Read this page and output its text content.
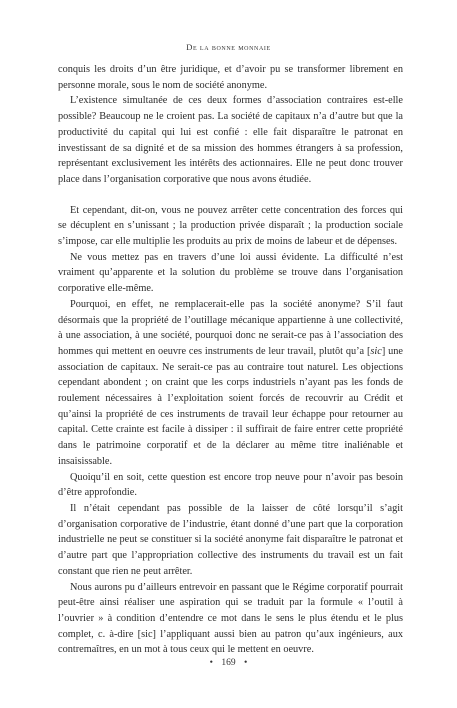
De la bonne monnaie

conquis les droits d’un être juridique, et d’avoir pu se transformer librement en personne morale, sous le nom de société anonyme.

L’existence simultanée de ces deux formes d’association contraires est-elle possible? Beaucoup ne le croient pas. La société de capitaux n’a d’autre but que la productivité du capital qui lui est confié : elle fait disparaître le patronat en investissant de sa dignité et de sa mission des hommes étrangers à sa profession, représentant exclusivement les intérêts des actionnaires. Elle ne peut donc trouver place dans l’organisation corporative que nous avons étudiée.

Et cependant, dit-on, vous ne pouvez arrêter cette concentration des forces qui se décuplent en s’unissant ; la production privée disparaît ; la production sociale s’impose, car elle multiplie les produits au prix de moins de labeur et de dépenses.

Ne vous mettez pas en travers d’une loi aussi évidente. La difficulté n’est vraiment qu’apparente et la solution du problème se trouve dans l’organisation corporative elle-même.

Pourquoi, en effet, ne remplacerait-elle pas la société anonyme? S’il faut désormais que la propriété de l’outillage mécanique appartienne à une collectivité, à une association, à une société, pourquoi donc ne serait-ce pas à l’association des hommes qui mettent en oeuvre ces instruments de leur travail, plutôt qu’a [sic] une association de capitaux. Ne serait-ce pas au contraire tout naturel. Les objections cependant abondent ; on craint que les corps industriels n’ayant pas les fonds de roulement nécessaires à l’exploitation soient forcés de recouvrir au Crédit et qu’ainsi la propriété de ces instruments de travail leur échappe pour retourner au capital. Cette crainte est facile à dissiper : il suffirait de faire entrer cette propriété dans le patrimoine corporatif et de la déclarer au même titre inaliénable et insaisissable.

Quoiqu’il en soit, cette question est encore trop neuve pour n’avoir pas besoin d’être approfondie.

Il n’était cependant pas possible de la laisser de côté lorsqu’il s’agit d’organisation corporative de l’industrie, étant donné d’une part que la corporation industrielle ne peut se constituer si la société anonyme fait disparaître le patronat et d’autre part que l’appropriation collective des instruments du travail est un fait constant que rien ne peut arrêter.

Nous aurons pu d’ailleurs entrevoir en passant que le Régime corporatif pourrait peut-être ainsi réaliser une aspiration qui se traduit par la formule « l’outil à l’ouvrier » à condition d’entendre ce mot dans le sens le plus étendu et le plus complet, c. à-dire [sic] l’appliquant aussi bien au patron qu’aux ingénieurs, aux contremaîtres, en un mot à tous ceux qui le mettent en oeuvre.

• 169 •
